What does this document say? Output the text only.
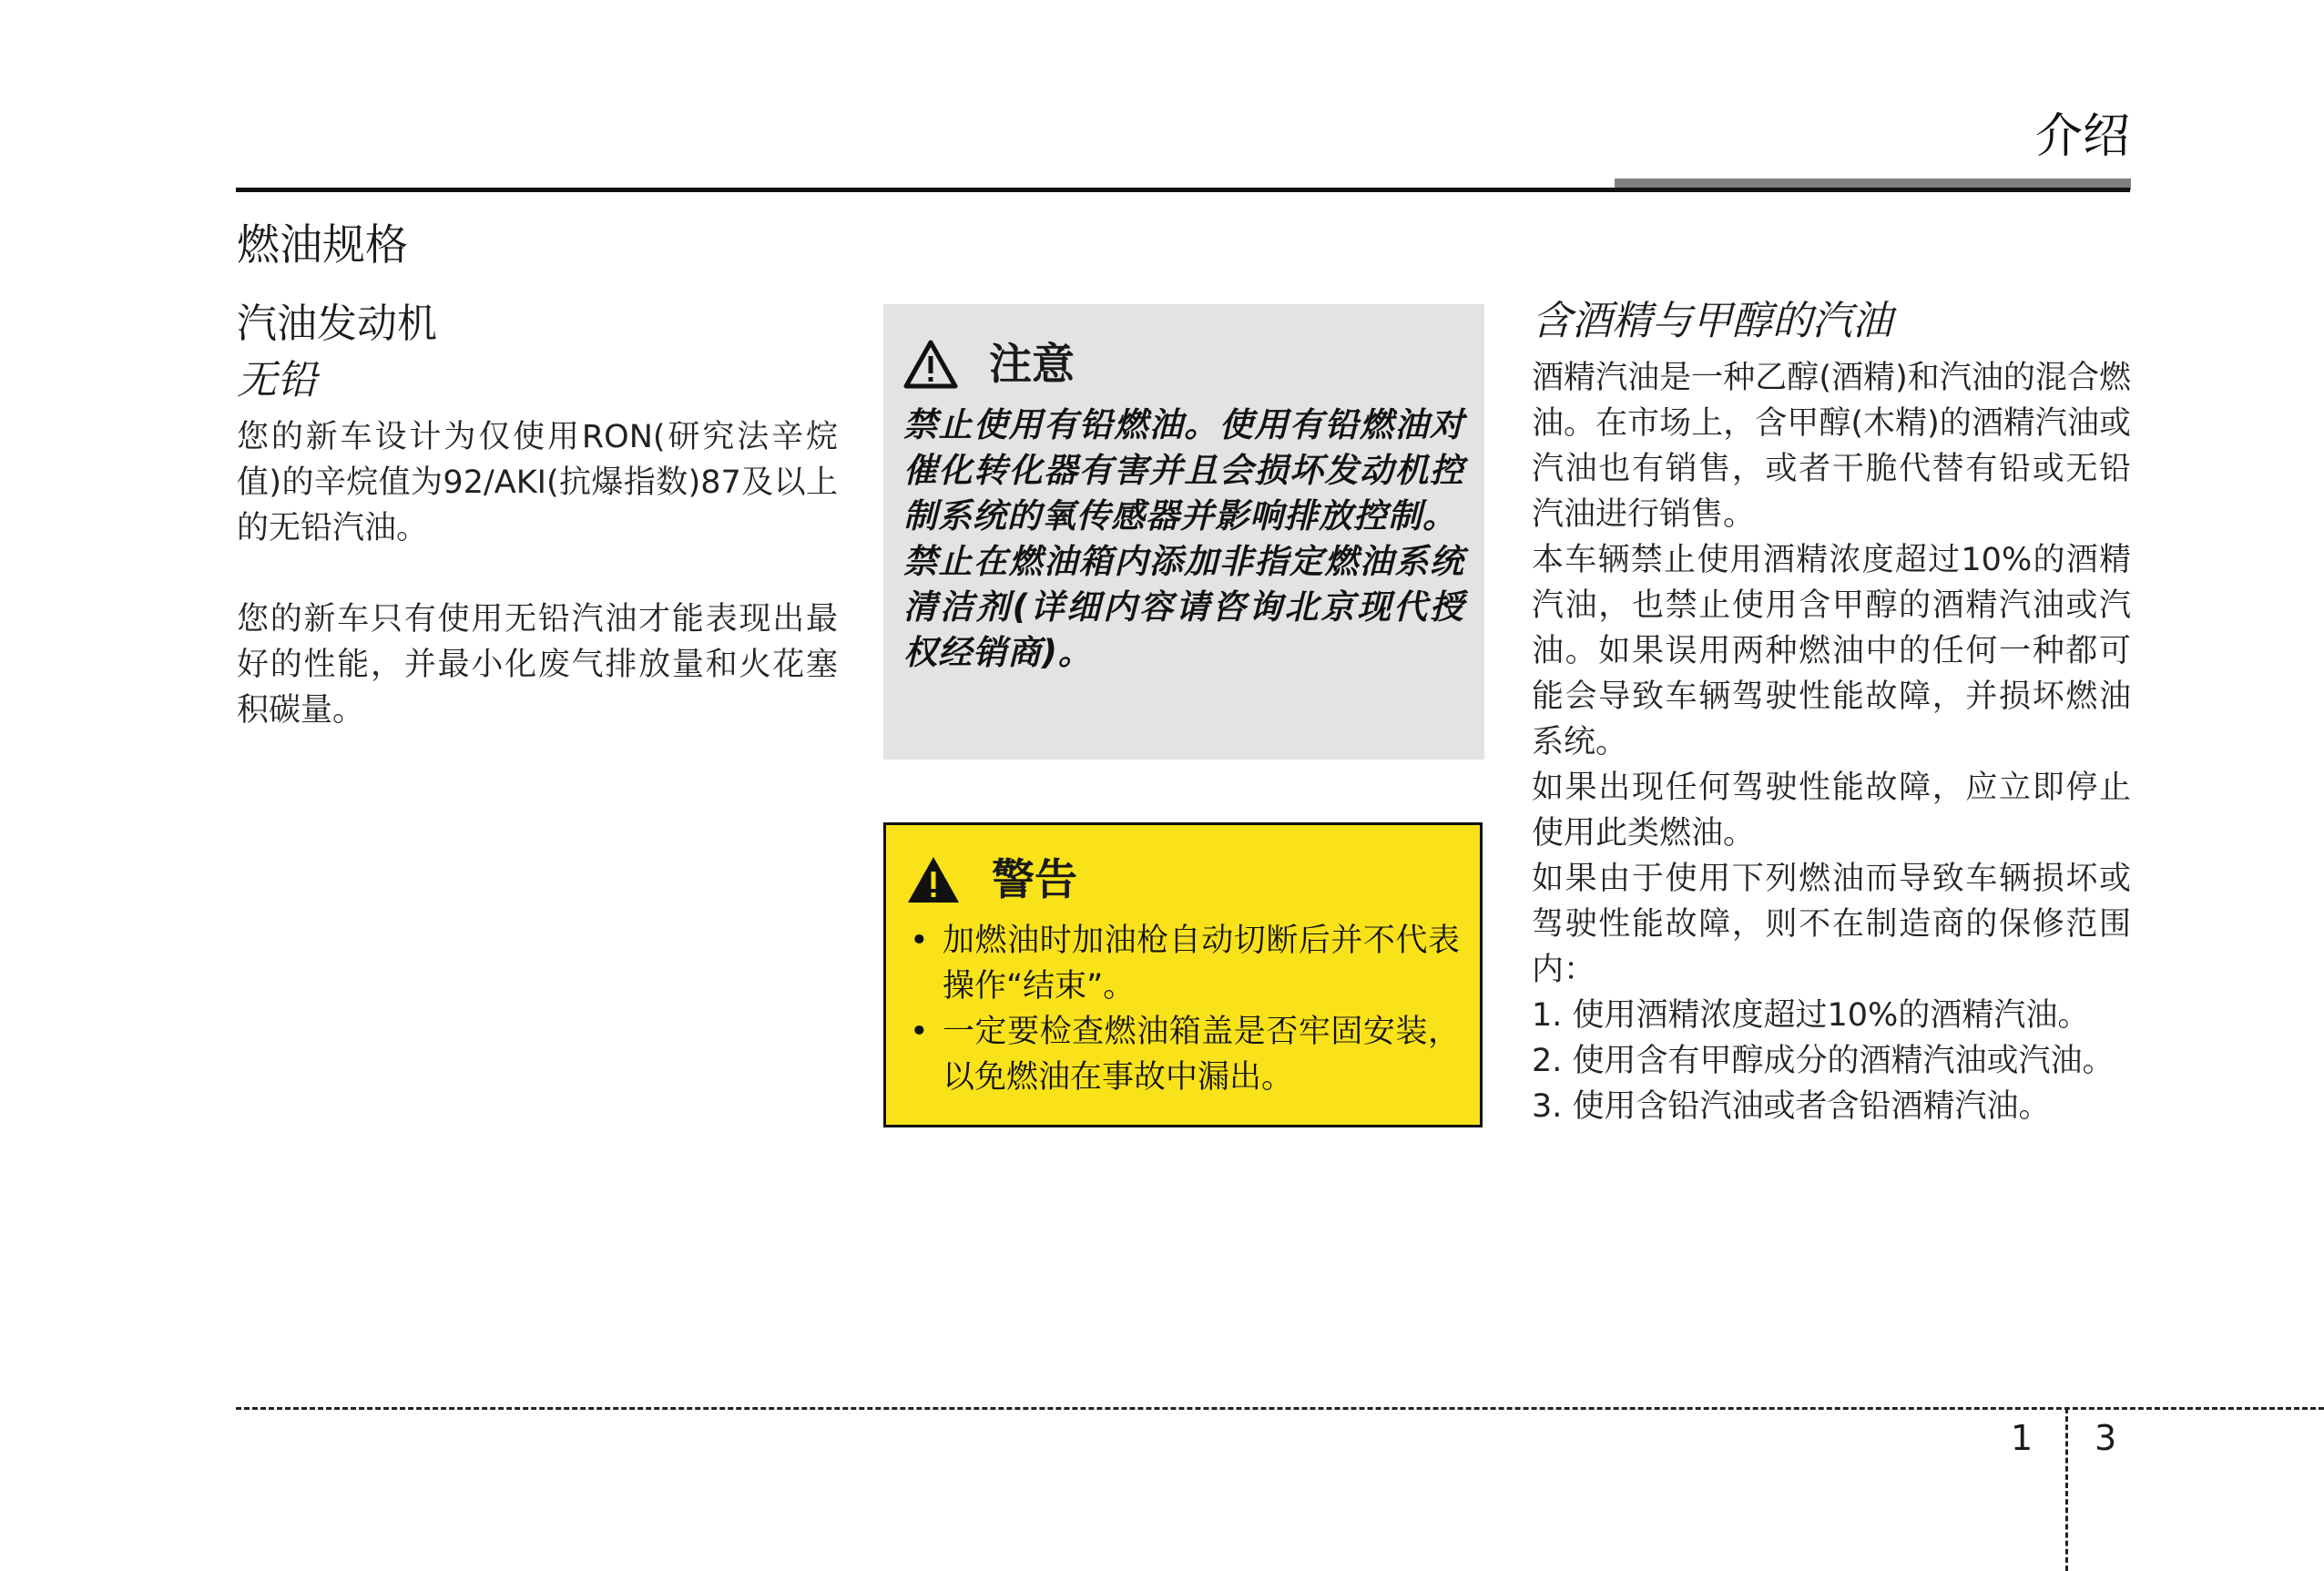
介绍
燃油规格
汽油发动机
无铅
您的新车设计为仅使用RON(研究法辛烷值)的辛烷值为92/AKI(抗爆指数)87及以上的无铅汽油。
您的新车只有使用无铅汽油才能表现出最好的性能，并最小化废气排放量和火花塞积碳量。
注意

禁止使用有铅燃油。使用有铅燃油对催化转化器有害并且会损坏发动机控制系统的氧传感器并影响排放控制。

禁止在燃油箱内添加非指定燃油系统清洁剂(详细内容请咨询北京现代授权经销商)。

警告
• 加燃油时加油枪自动切断后并不代表操作“结束”。
• 一定要检查燃油箱盖是否牢固安装，以免燃油在事故中漏出。
含酒精与甲醇的汽油

酒精汽油是一种乙醇(酒精)和汽油的混合燃油。在市场上，含甲醇(木精)的酒精汽油或汽油也有销售，或者干脆代替有铅或无铅汽油进行销售。

本车辆禁止使用酒精浓度超过10%的酒精汽油，也禁止使用含甲醇的酒精汽油或汽油。如果误用两种燃油中的任何一种都可能会导致车辆驾驶性能故障，并损坏燃油系统。

如果出现任何驾驶性能故障，应立即停止使用此类燃油。

如果由于使用下列燃油而导致车辆损坏或驾驶性能故障，则不在制造商的保修范围内：

1. 使用酒精浓度超过10%的酒精汽油。

2. 使用含有甲醇成分的酒精汽油或汽油。

3. 使用含铅汽油或者含铅酒精汽油。

1 3
